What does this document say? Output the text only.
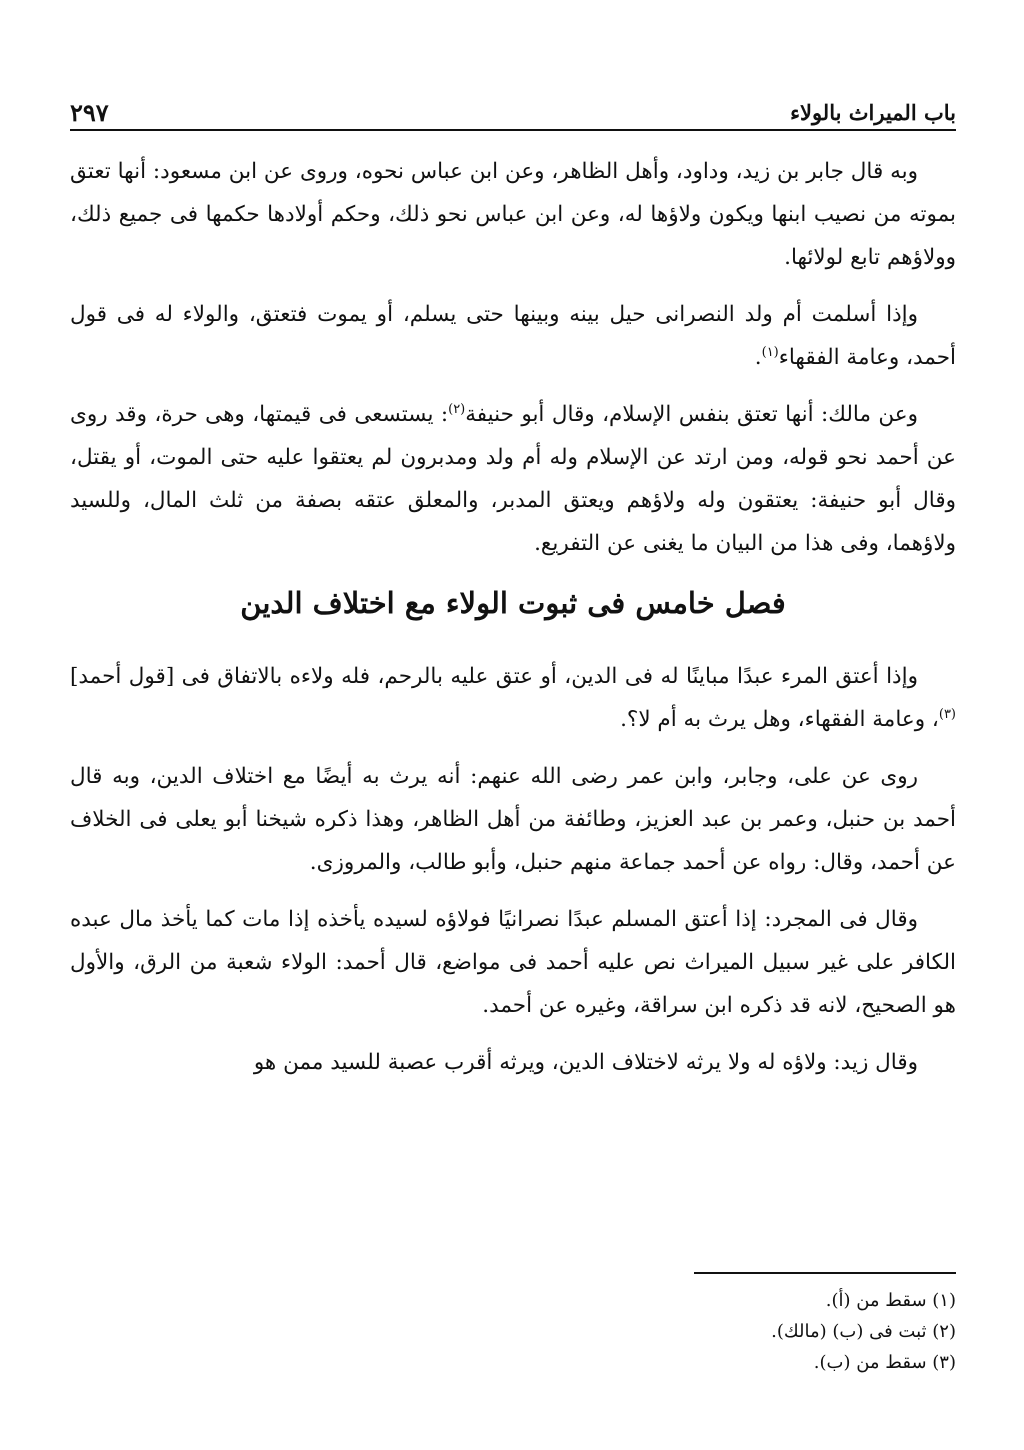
باب الميراث بالولاء
٢٩٧

وبه قال جابر بن زيد، وداود، وأهل الظاهر، وعن ابن عباس نحوه، وروى عن ابن مسعود: أنها تعتق بموته من نصيب ابنها ويكون ولاؤها له، وعن ابن عباس نحو ذلك، وحكم أولادها حكمها فى جميع ذلك، وولاؤهم تابع لولائها.

وإذا أسلمت أم ولد النصرانى حيل بينه وبينها حتى يسلم، أو يموت فتعتق، والولاء له فى قول أحمد، وعامة الفقهاء$^{(١)}$.

وعن مالك: أنها تعتق بنفس الإسلام، وقال أبو حنيفة$^{(٢)}$: يستسعى فى قيمتها، وهى حرة، وقد روى عن أحمد نحو قوله، ومن ارتد عن الإسلام وله أم ولد ومدبرون لم يعتقوا عليه حتى الموت، أو يقتل، وقال أبو حنيفة: يعتقون وله ولاؤهم ويعتق المدبر، والمعلق عتقه بصفة من ثلث المال، وللسيد ولاؤهما، وفى هذا من البيان ما يغنى عن التفريع.

فصل خامس فى ثبوت الولاء مع اختلاف الدين

وإذا أعتق المرء عبدًا مباينًا له فى الدين، أو عتق عليه بالرحم، فله ولاءه بالاتفاق فى [قول أحمد]$^{(٣)}$، وعامة الفقهاء، وهل يرث به أم لا؟.

روى عن على، وجابر، وابن عمر رضى الله عنهم: أنه يرث به أيضًا مع اختلاف الدين، وبه قال أحمد بن حنبل، وعمر بن عبد العزيز، وطائفة من أهل الظاهر، وهذا ذكره شيخنا أبو يعلى فى الخلاف عن أحمد، وقال: رواه عن أحمد جماعة منهم حنبل، وأبو طالب، والمروزى.

وقال فى المجرد: إذا أعتق المسلم عبدًا نصرانيًا فولاؤه لسيده يأخذه إذا مات كما يأخذ مال عبده الكافر على غير سبيل الميراث نص عليه أحمد فى مواضع، قال أحمد: الولاء شعبة من الرق، والأول هو الصحيح، لانه قد ذكره ابن سراقة، وغيره عن أحمد.

وقال زيد: ولاؤه له ولا يرثه لاختلاف الدين، ويرثه أقرب عصبة للسيد ممن هو

(١) سقط من (أ).

(٢) ثبت فى (ب) (مالك).

(٣) سقط من (ب).
